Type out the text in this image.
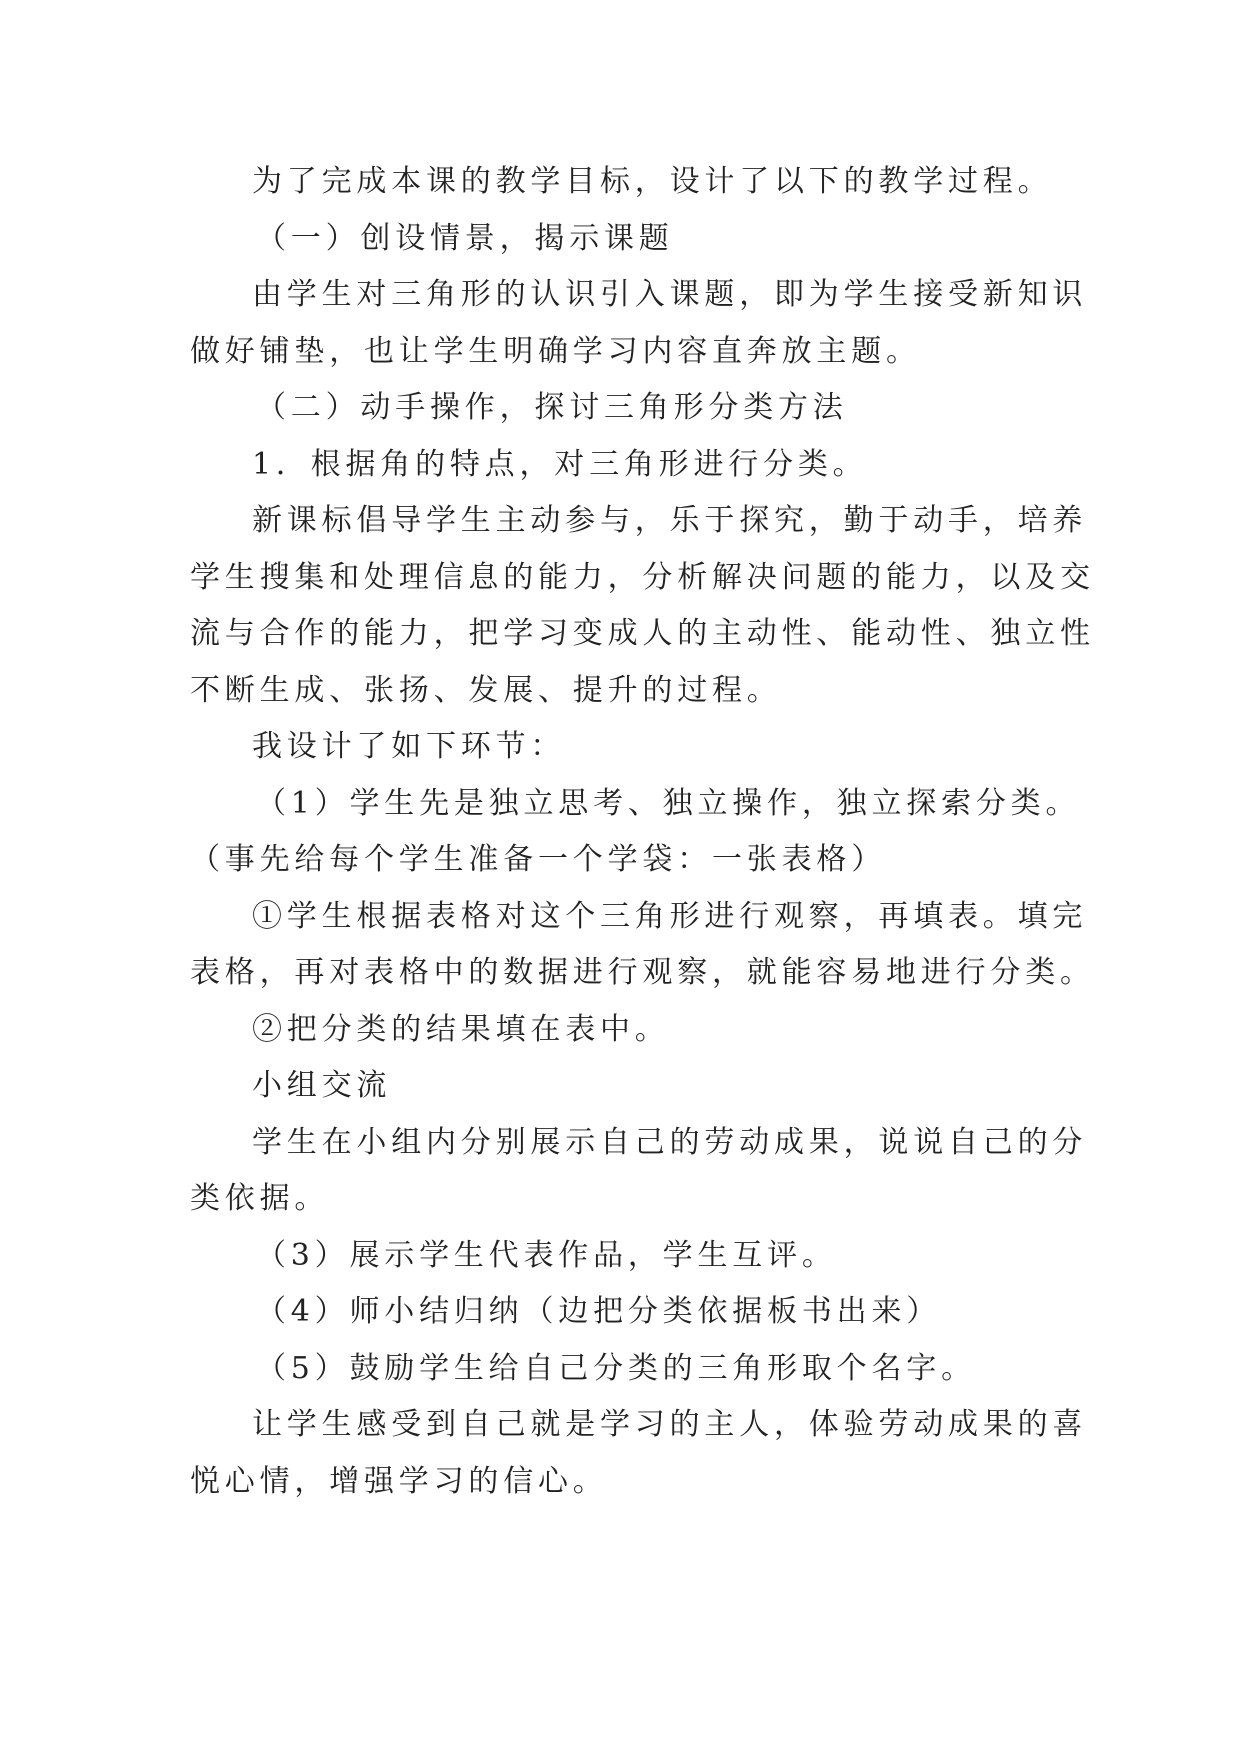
为了完成本课的教学目标，设计了以下的教学过程。
（一）创设情景，揭示课题
由学生对三角形的认识引入课题，即为学生接受新知识
做好铺垫，也让学生明确学习内容直奔放主题。
（二）动手操作，探讨三角形分类方法
1．根据角的特点，对三角形进行分类。
新课标倡导学生主动参与，乐于探究，勤于动手，培养
学生搜集和处理信息的能力，分析解决问题的能力，以及交
流与合作的能力，把学习变成人的主动性、能动性、独立性
不断生成、张扬、发展、提升的过程。
我设计了如下环节：
（1）学生先是独立思考、独立操作，独立探索分类。
（事先给每个学生准备一个学袋：一张表格）
①学生根据表格对这个三角形进行观察，再填表。填完
表格，再对表格中的数据进行观察，就能容易地进行分类。
②把分类的结果填在表中。
小组交流
学生在小组内分别展示自己的劳动成果，说说自己的分
类依据。
（3）展示学生代表作品，学生互评。
（4）师小结归纳（边把分类依据板书出来）
（5）鼓励学生给自己分类的三角形取个名字。
让学生感受到自己就是学习的主人，体验劳动成果的喜
悦心情，增强学习的信心。
